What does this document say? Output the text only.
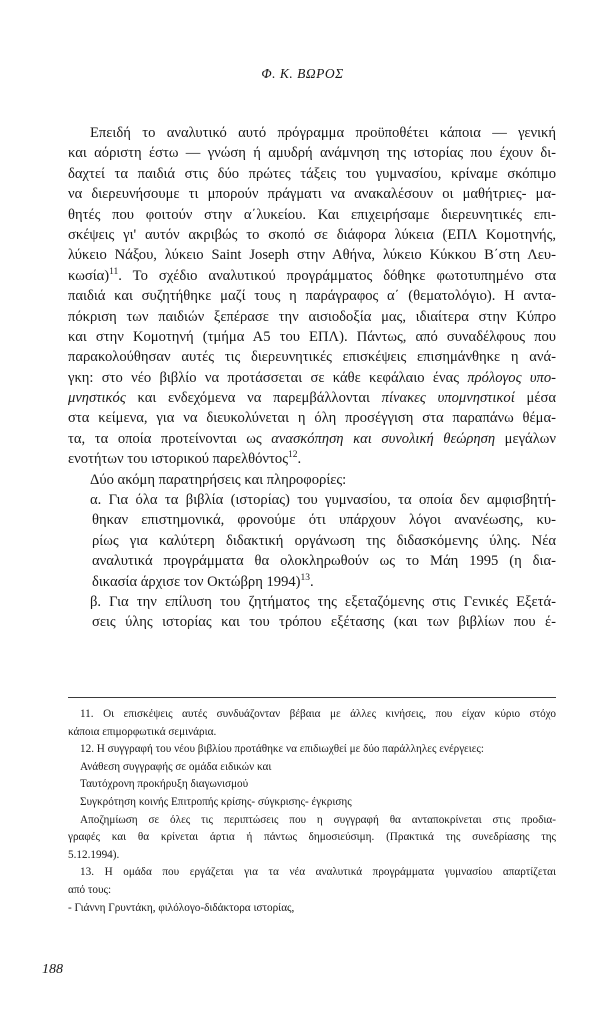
Φ. Κ. ΒΩΡΟΣ
Επειδή το αναλυτικό αυτό πρόγραμμα προϋποθέτει κάποια — γενική
και αόριστη έστω — γνώση ή αμυδρή ανάμνηση της ιστορίας που έχουν δι-
δαχτεί τα παιδιά στις δύο πρώτες τάξεις του γυμνασίου, κρίναμε σκόπιμο
να διερευνήσουμε τι μπορούν πράγματι να ανακαλέσουν οι μαθήτριες- μα-
θητές που φοιτούν στην α΄λυκείου. Και επιχειρήσαμε διερευνητικές επι-
σκέψεις γι' αυτόν ακριβώς το σκοπό σε διάφορα λύκεια (ΕΠΛ Κομοτηνής,
λύκειο Νάξου, λύκειο Saint Joseph στην Αθήνα, λύκειο Κύκκου Β΄στη Λευ-
κωσία)$^{11}$. Το σχέδιο αναλυτικού προγράμματος δόθηκε φωτοτυπημένο στα
παιδιά και συζητήθηκε μαζί τους η παράγραφος α΄ (θεματολόγιο). Η αντα-
πόκριση των παιδιών ξεπέρασε την αισιοδοξία μας, ιδιαίτερα στην Κύπρο
και στην Κομοτηνή (τμήμα Α5 του ΕΠΛ). Πάντως, από συναδέλφους που
παρακολούθησαν αυτές τις διερευνητικές επισκέψεις επισημάνθηκε η ανά-
γκη: στο νέο βιβλίο να προτάσσεται σε κάθε κεφάλαιο ένας πρόλογος υπο-
μνηστικός και ενδεχόμενα να παρεμβάλλονται πίνακες υπομνηστικοί μέσα
στα κείμενα, για να διευκολύνεται η όλη προσέγγιση στα παραπάνω θέμα-
τα, τα οποία προτείνονται ως ανασκόπηση και συνολική θεώρηση μεγάλων
ενοτήτων του ιστορικού παρελθόντος$^{12}$.
Δύο ακόμη παρατηρήσεις και πληροφορίες:
α. Για όλα τα βιβλία (ιστορίας) του γυμνασίου, τα οποία δεν αμφισβητή-
θηκαν επιστημονικά, φρονούμε ότι υπάρχουν λόγοι ανανέωσης, κυ-
ρίως για καλύτερη διδακτική οργάνωση της διδασκόμενης ύλης. Νέα
αναλυτικά προγράμματα θα ολοκληρωθούν ως το Μάη 1995 (η δια-
δικασία άρχισε τον Οκτώβρη 1994)$^{13}$.
β. Για την επίλυση του ζητήματος της εξεταζόμενης στις Γενικές Εξετά-
σεις ύλης ιστορίας και του τρόπου εξέτασης (και των βιβλίων που έ-
11. Οι επισκέψεις αυτές συνδυάζονταν βέβαια με άλλες κινήσεις, που είχαν κύριο στόχο
κάποια επιμορφωτικά σεμινάρια.
12. Η συγγραφή του νέου βιβλίου προτάθηκε να επιδιωχθεί με δύο παράλληλες ενέργειες:
Ανάθεση συγγραφής σε ομάδα ειδικών και
Ταυτόχρονη προκήρυξη διαγωνισμού
Συγκρότηση κοινής Επιτροπής κρίσης- σύγκρισης- έγκρισης
Αποζημίωση σε όλες τις περιπτώσεις που η συγγραφή θα ανταποκρίνεται στις προδια-
γραφές και θα κρίνεται άρτια ή πάντως δημοσιεύσιμη. (Πρακτικά της συνεδρίασης της
5.12.1994).
13. Η ομάδα που εργάζεται για τα νέα αναλυτικά προγράμματα γυμνασίου απαρτίζεται
από τους:
- Γιάννη Γρυντάκη, φιλόλογο-διδάκτορα ιστορίας,
188
